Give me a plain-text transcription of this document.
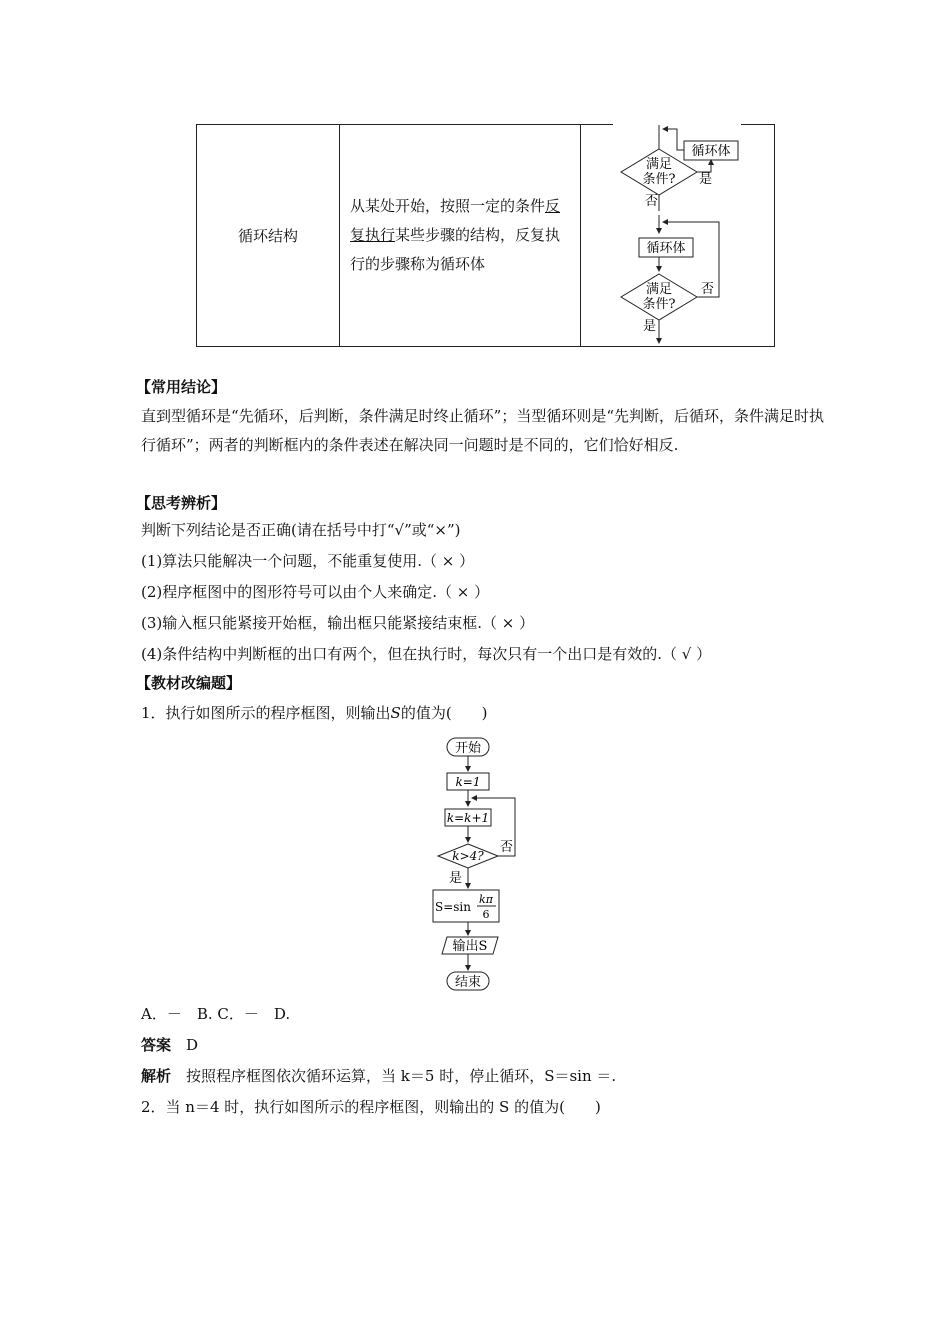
循环结构	从某处开始，按照一定的条件反复执行某些步骤的结构，反复执行的步骤称为循环体	
满足
条件?
循环体
是
否
循环体
满足
条件?
否
是
【常用结论】
直到型循环是“先循环，后判断，条件满足时终止循环”；当型循环则是“先判断，后循环，条件满足时执行循环”；两者的判断框内的条件表述在解决同一问题时是不同的，它们恰好相反.
【思考辨析】
判断下列结论是否正确(请在括号中打“√”或“×”)
(1)算法只能解决一个问题，不能重复使用.（ × ）
(2)程序框图中的图形符号可以由个人来确定.（ × ）
(3)输入框只能紧接开始框，输出框只能紧接结束框.（ × ）
(4)条件结构中判断框的出口有两个，但在执行时，每次只有一个出口是有效的.（ √ ）
【教材改编题】
1．执行如图所示的程序框图，则输出S的值为(　　)
开始
k=1
k=k+1
k>4?
否
是
S=sin
kπ
6
输出S
结束
A．－　B. C．－　D.
答案　 D
解析　 按照程序框图依次循环运算，当 k＝5 时，停止循环，S＝sin ＝.
2．当 n＝4 时，执行如图所示的程序框图，则输出的 S 的值为(　　)
